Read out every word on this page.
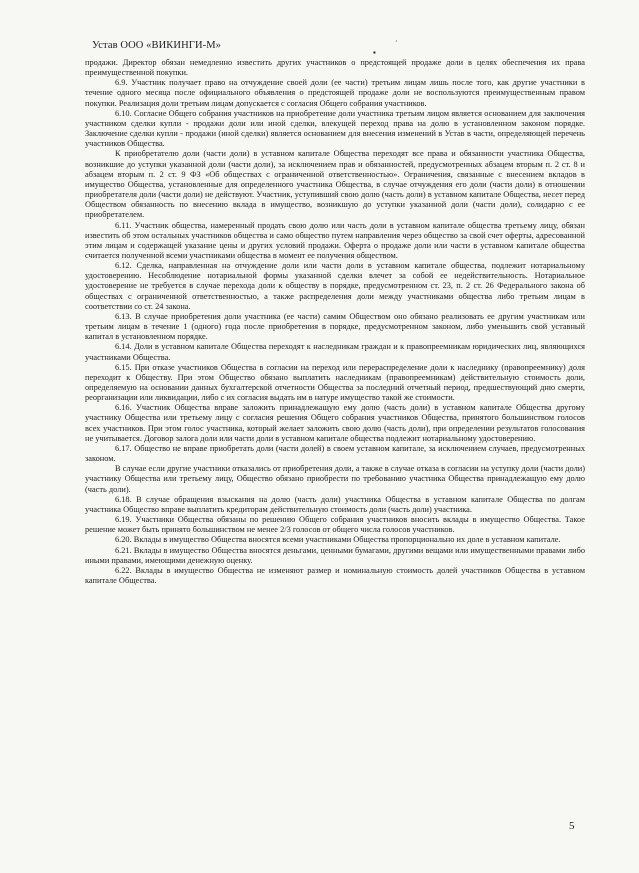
Устав ООО «ВИКИНГИ-М»	·
▪

продажи. Директор обязан немедленно известить других участников о предстоящей продаже доли в целях обеспечения их права преимущественной покупки.

6.9. Участник получает право на отчуждение своей доли (ее части) третьим лицам лишь после того, как другие участники в течение одного месяца после официального объявления о предстоящей продаже доли не воспользуются преимущественным правом покупки. Реализация доли третьим лицам допускается с согласия Общего собрания участников.

6.10. Согласие Общего собрания участников на приобретение доли участника третьим лицом является основанием для заключения участником сделки купли - продажи доли или иной сделки, влекущей переход права на долю в установленном законом порядке. Заключение сделки купли - продажи (иной сделки) является основанием для внесения изменений в Устав в части, определяющей перечень участников Общества.

К приобретателю доли (части доли) в уставном капитале Общества переходят все права и обязанности участника Общества, возникшие до уступки указанной доли (части доли), за исключением прав и обязанностей, предусмотренных абзацем вторым п. 2 ст. 8 и абзацем вторым п. 2 ст. 9 ФЗ «Об обществах с ограниченной ответственностью». Ограничения, связанные с внесением вкладов в имущество Общества, установленные для определенного участника Общества, в случае отчуждения его доли (части доли) в отношении приобретателя доли (части доли) не действуют. Участник, уступивший свою долю (часть доли) в уставном капитале Общества, несет перед Обществом обязанность по внесению вклада в имущество, возникшую до уступки указанной доли (части доли), солидарно с ее приобретателем.

6.11. Участник общества, намеренный продать свою долю или часть доли в уставном капитале общества третьему лицу, обязан известить об этом остальных участников общества и само общество путем направления через общество за свой счет оферты, адресованной этим лицам и содержащей указание цены и других условий продажи. Оферта о продаже доли или части в уставном капитале общества считается полученной всеми участниками общества в момент ее получения обществом.

6.12. Сделка, направленная на отчуждение доли или части доли в уставном капитале общества, подлежит нотариальному удостоверению. Несоблюдение нотариальной формы указанной сделки влечет за собой ее недействительность. Нотариальное удостоверение не требуется в случае перехода доли к обществу в порядке, предусмотренном ст. 23, п. 2 ст. 26 Федерального закона об обществах с ограниченной ответственностью, а также распределения доли между участниками общества либо третьим лицам в соответствии со ст. 24 закона.

6.13. В случае приобретения доли участника (ее части) самим Обществом оно обязано реализовать ее другим участникам или третьим лицам в течение 1 (одного) года после приобретения в порядке, предусмотренном законом, либо уменьшить свой уставный капитал в установленном порядке.

6.14. Доли в уставном капитале Общества переходят к наследникам граждан и к правопреемникам юридических лиц, являющихся участниками Общества.

6.15. При отказе участников Общества в согласии на переход или перераспределение доли к наследнику (правопреемнику) доля переходит к Обществу. При этом Общество обязано выплатить наследникам (правопреемникам) действительную стоимость доли, определяемую на основании данных бухгалтерской отчетности Общества за последний отчетный период, предшествующий дню смерти, реорганизации или ликвидации, либо с их согласия выдать им в натуре имущество такой же стоимости.

6.16. Участник Общества вправе заложить принадлежащую ему долю (часть доли) в уставном капитале Общества другому участнику Общества или третьему лицу с согласия решения Общего собрания участников Общества, принятого большинством голосов всех участников. При этом голос участника, который желает заложить свою долю (часть доли), при определении результатов голосования не учитывается. Договор залога доли или части доли в уставном капитале общества подлежит нотариальному удостоверению.

6.17. Общество не вправе приобретать доли (части долей) в своем уставном капитале, за исключением случаев, предусмотренных законом.

В случае если другие участники отказались от приобретения доли, а также в случае отказа в согласии на уступку доли (части доли) участнику Общества или третьему лицу, Общество обязано приобрести по требованию участника Общества принадлежащую ему долю (часть доли).

6.18. В случае обращения взыскания на долю (часть доли) участника Общества в уставном капитале Общества по долгам участника Общество вправе выплатить кредиторам действительную стоимость доли (часть доли) участника.

6.19. Участники Общества обязаны по решению Общего собрания участников вносить вклады в имущество Общества. Такое решение может быть принято большинством не менее 2/3 голосов от общего числа голосов участников.

6.20. Вклады в имущество Общества вносятся всеми участниками Общества пропорционально их доле в уставном капитале.

6.21. Вклады в имущество Общества вносятся деньгами, ценными бумагами, другими вещами или имущественными правами либо иными правами, имеющими денежную оценку.

6.22. Вклады в имущество Общества не изменяют размер и номинальную стоимость долей участников Общества в уставном капитале Общества.

5
